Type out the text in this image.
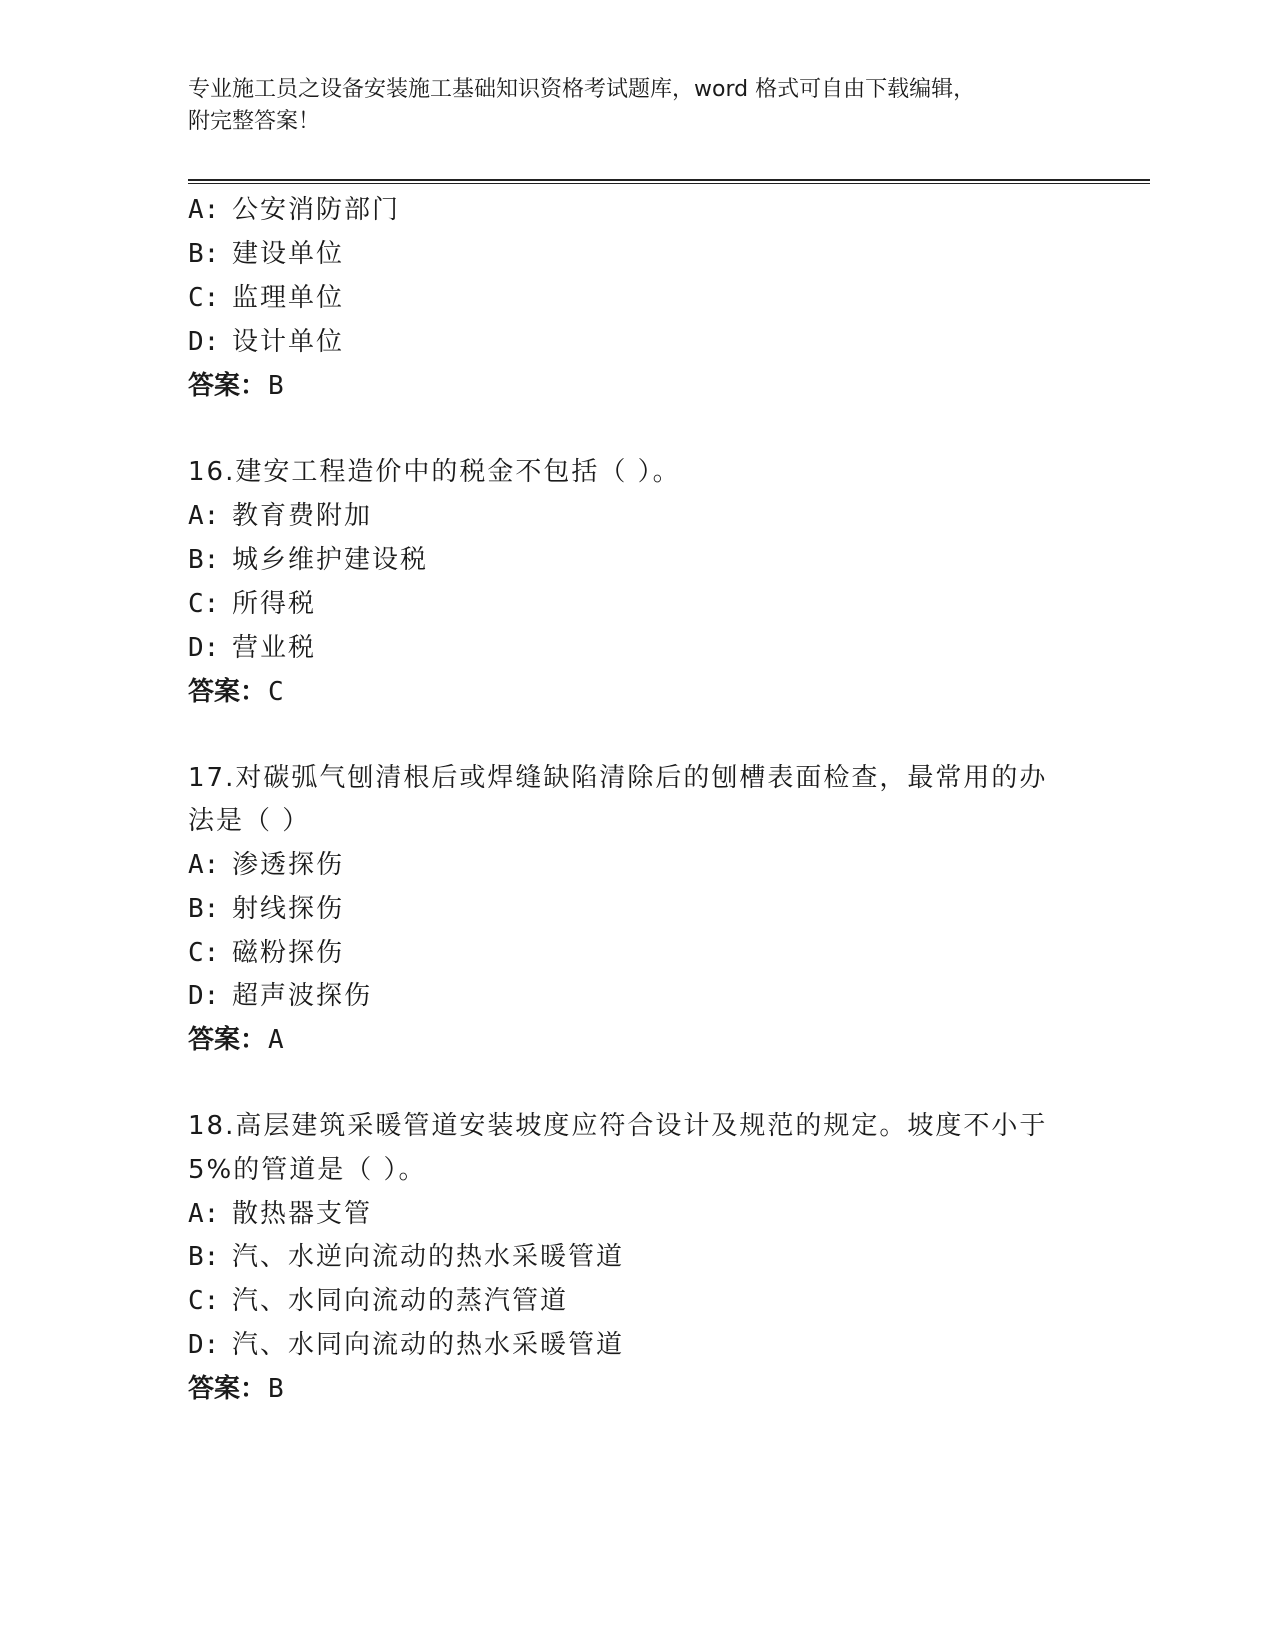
专业施工员之设备安装施工基础知识资格考试题库，word 格式可自由下载编辑，
附完整答案！
A: 公安消防部门
B: 建设单位
C: 监理单位
D: 设计单位
答案：B
16.建安工程造价中的税金不包括（ ）。
A: 教育费附加
B: 城乡维护建设税
C: 所得税
D: 营业税
答案：C
17.对碳弧气刨清根后或焊缝缺陷清除后的刨槽表面检查，最常用的办
法是（ ）
A: 渗透探伤
B: 射线探伤
C: 磁粉探伤
D: 超声波探伤
答案：A
18.高层建筑采暖管道安装坡度应符合设计及规范的规定。坡度不小于
5%的管道是（ ）。
A: 散热器支管
B: 汽、水逆向流动的热水采暖管道
C: 汽、水同向流动的蒸汽管道
D: 汽、水同向流动的热水采暖管道
答案：B
